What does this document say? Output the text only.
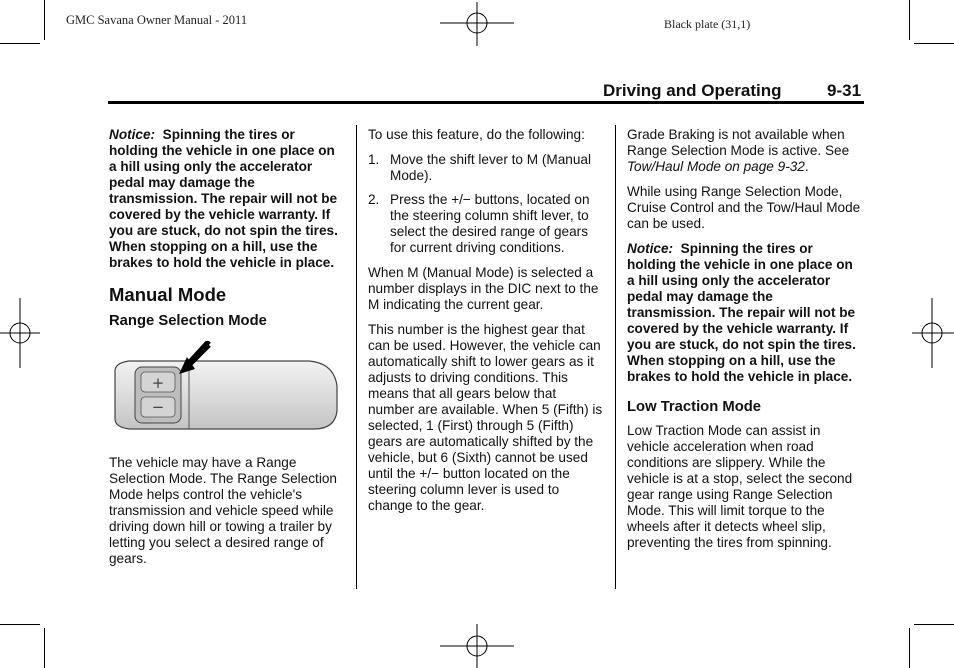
GMC Savana Owner Manual - 2011	Black plate (31,1)
Driving and Operating	9-31

Notice: Spinning the tires or holding the vehicle in one place on a hill using only the accelerator pedal may damage the transmission. The repair will not be covered by the vehicle warranty. If you are stuck, do not spin the tires. When stopping on a hill, use the brakes to hold the vehicle in place.

Manual Mode
Range Selection Mode
+
−

The vehicle may have a Range Selection Mode. The Range Selection Mode helps control the vehicle's transmission and vehicle speed while driving down hill or towing a trailer by letting you select a desired range of gears.

To use this feature, do the following:

1. Move the shift lever to M (Manual Mode).
2. Press the +/− buttons, located on the steering column shift lever, to select the desired range of gears for current driving conditions.

When M (Manual Mode) is selected a number displays in the DIC next to the M indicating the current gear.

This number is the highest gear that can be used. However, the vehicle can automatically shift to lower gears as it adjusts to driving conditions. This means that all gears below that number are available. When 5 (Fifth) is selected, 1 (First) through 5 (Fifth) gears are automatically shifted by the vehicle, but 6 (Sixth) cannot be used until the +/− button located on the steering column lever is used to change to the gear.

Grade Braking is not available when Range Selection Mode is active. See Tow/Haul Mode on page 9-32.

While using Range Selection Mode, Cruise Control and the Tow/Haul Mode can be used.

Notice: Spinning the tires or holding the vehicle in one place on a hill using only the accelerator pedal may damage the transmission. The repair will not be covered by the vehicle warranty. If you are stuck, do not spin the tires. When stopping on a hill, use the brakes to hold the vehicle in place.

Low Traction Mode

Low Traction Mode can assist in vehicle acceleration when road conditions are slippery. While the vehicle is at a stop, select the second gear range using Range Selection Mode. This will limit torque to the wheels after it detects wheel slip, preventing the tires from spinning.
